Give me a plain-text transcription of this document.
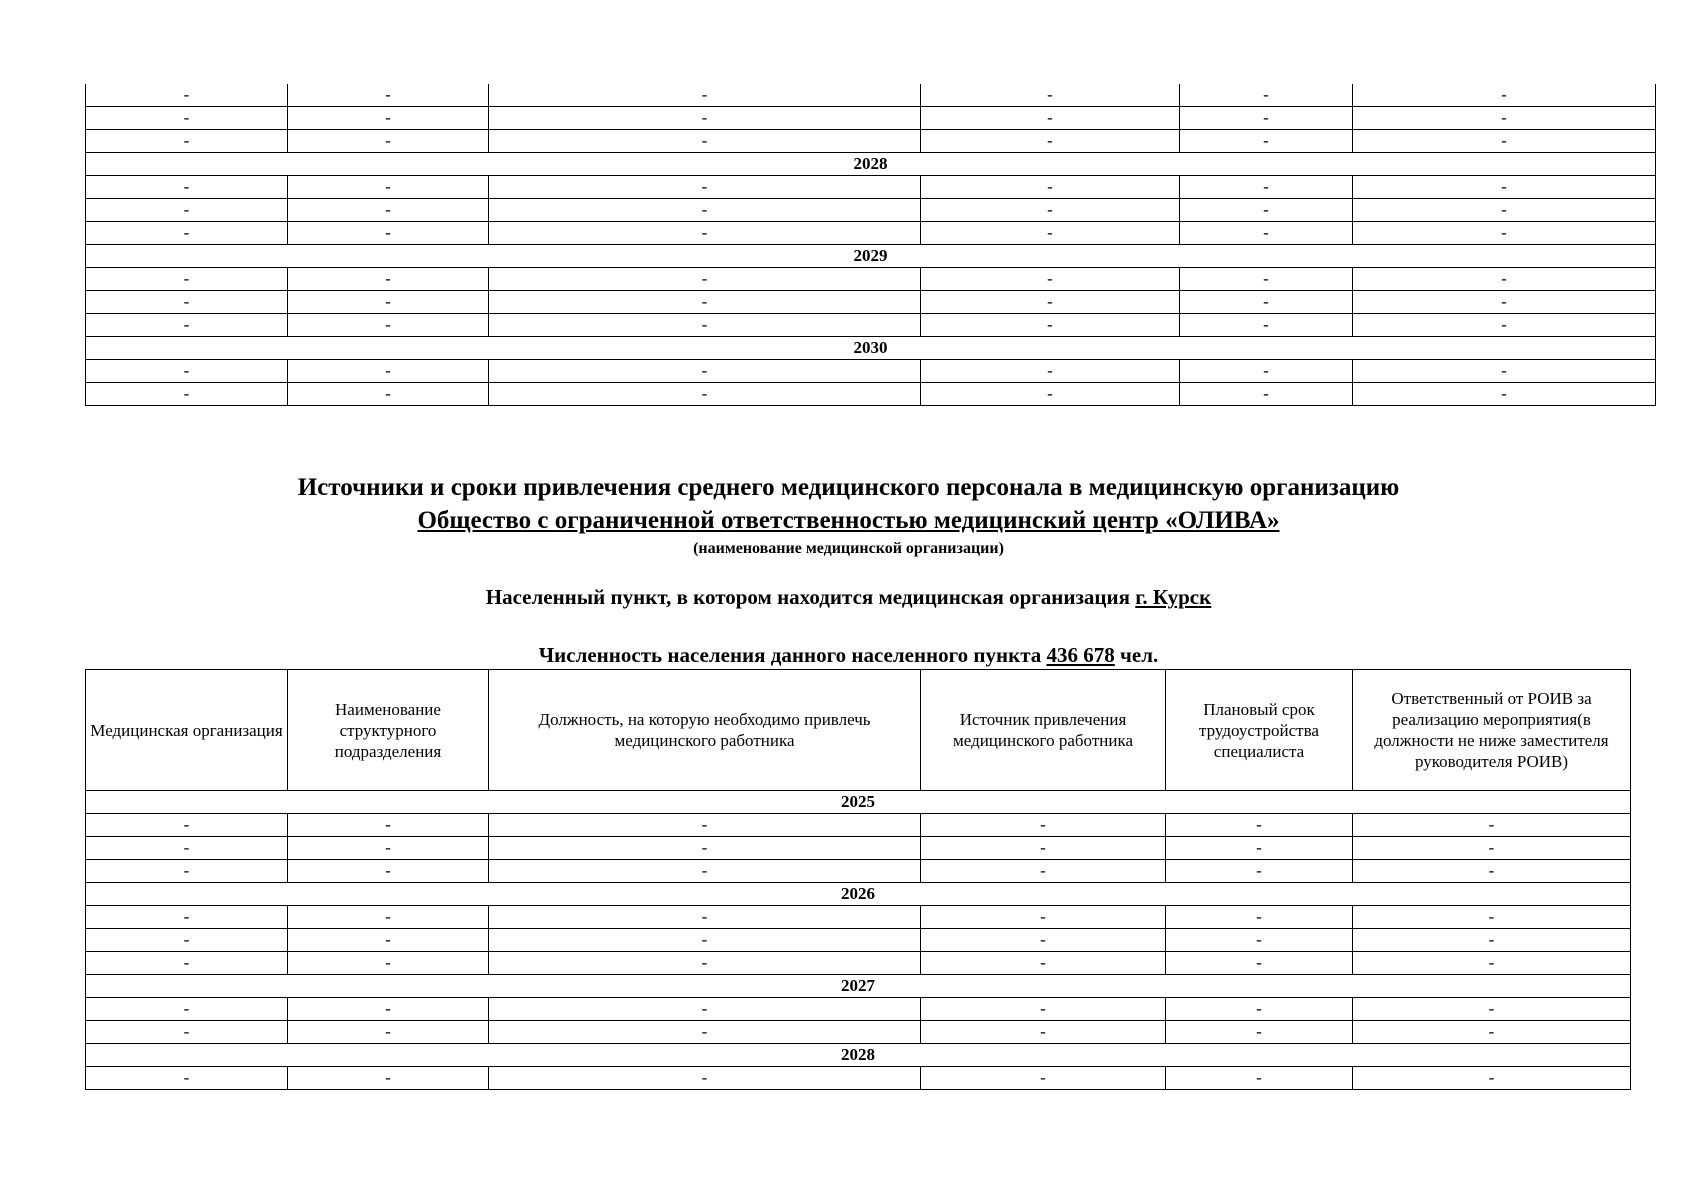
-	-	-	-	-	-
-	-	-	-	-	-
-	-	-	-	-	-
2028					
-	-	-	-	-	-
-	-	-	-	-	-
-	-	-	-	-	-
2029					
-	-	-	-	-	-
-	-	-	-	-	-
-	-	-	-	-	-
2030					
-	-	-	-	-	-
-	-	-	-	-	-
Источники и сроки привлечения среднего медицинского персонала в медицинскую организацию
Общество с ограниченной ответственностью медицинский центр «ОЛИВА»
(наименование медицинской организации)
Населенный пункт, в котором находится медицинская организация г. Курск
Численность населения данного населенного пункта 436 678 чел.
Медицинская организация	Наименование структурного подразделения	Должность, на которую необходимо привлечь медицинского работника	Источник привлечения медицинского работника	Плановый срок трудоустройства специалиста	Ответственный от РОИВ за реализацию мероприятия(в должности не ниже заместителя руководителя РОИВ)
2025					
-	-	-	-	-	-
-	-	-	-	-	-
-	-	-	-	-	-
2026					
-	-	-	-	-	-
-	-	-	-	-	-
-	-	-	-	-	-
2027					
-	-	-	-	-	-
-	-	-	-	-	-
2028					
-	-	-	-	-	-
